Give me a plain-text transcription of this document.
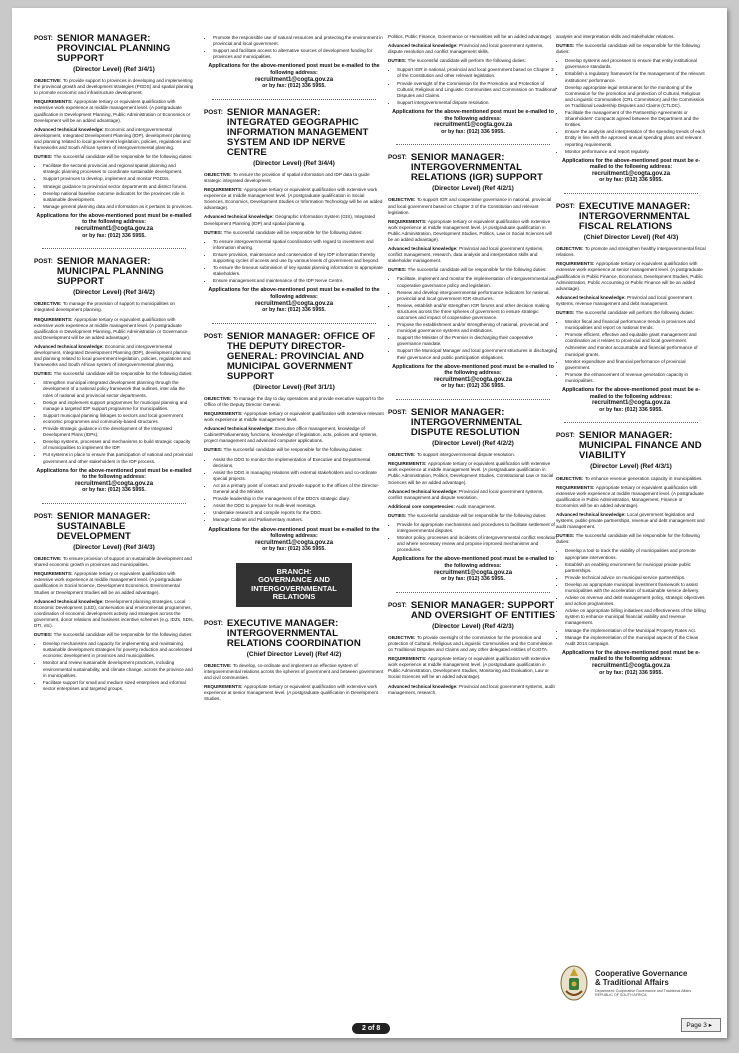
POST: SENIOR MANAGER: PROVINCIAL PLANNING SUPPORT
(Director Level) (Ref 3/4/1)
OBJECTIVE: To provide support to provinces in developing and implementing the provincial growth and development strategies (PGDS) and spatial planning to promote economic and infrastructure development.
REQUIREMENTS: Appropriate tertiary or equivalent qualification with extensive work experience at middle management level. (A postgraduate qualification in Development Planning, Public Administration or Economics or Development will be an added advantage).
Advanced technical knowledge: Economic and intergovernmental development, Integrated Development Planning (IDP), development planning and planning related to local government legislation, policies, regulations and frameworks and South African system of intergovernmental planning.
DUTIES: The successful candidate will be responsible for the following duties:
• Facilitate the sectoral provincial and regional spatial planning and strategic planning processes to coordinate sustainable development.
• Support provinces to develop, implement and monitor PGDSs.
• Strategic guidance to provincial sector departments and district forums.
• Develop national baseline outcome indicators for the provinces role in sustainable development.
• Manage general planning data and information as it pertains to provinces.
Applications for the above-mentioned post must be e-mailed to the following address:
recruitment1@cogta.gov.za
or by fax: (012) 336 5955.
POST: SENIOR MANAGER: MUNICIPAL PLANNING SUPPORT
(Director Level) (Ref 3/4/2)
OBJECTIVE: To manage the provision of support to municipalities on integrated development planning.
REQUIREMENTS: Appropriate tertiary or equivalent qualification with extensive work experience at middle management level. (A postgraduate qualification in Development Planning, Public Administration or Governance and Development will be an added advantage).
Advanced technical knowledge: Economic and intergovernmental development, Integrated Development Planning (IDP), development planning and planning related to local government legislation, policies, regulations and frameworks and South African system of intergovernmental planning.
DUTIES: The successful candidate will be responsible for the following duties:
• Strengthen municipal integrated development planning through the development of a national policy framework that outlines, inter alia the roles of national and provincial sector departments.
• Design and implement support programmes for municipal planning and manage a targeted IDP support programme for municipalities.
• Support municipal planning linkages to sectors and local government economic programmes and community-based structures.
• Provide strategic guidance in the development of the Integrated Development Plans (IDPs).
• Develop systems, processes and mechanisms to build strategic capacity of municipalities to implement the IDP.
• Put systems in place to ensure that participation of national and provincial government and other stakeholders in the IDP process.
Applications for the above-mentioned post must be e-mailed to the following address:
recruitment1@cogta.gov.za
or by fax: (012) 336 5955.
POST: SENIOR MANAGER: SUSTAINABLE DEVELOPMENT
(Director Level) (Ref 3/4/3)
OBJECTIVE: To ensure provision of support on sustainable development and shared economic growth in provinces and municipalities.
REQUIREMENTS: Appropriate tertiary or equivalent qualification with extensive work experience at middle management level. (A postgraduate qualification in Social Science, Development Economics, Environmental Studies or Development Studies will be an added advantage).
Advanced technical knowledge: Development planning strategies, Local Economic Development (LED), conservation and environmental programmes, coordination of economic development activity and strategies across the government, donor relations and business incentive schemes (e.g. IDZs, SDIs, DTI, etc).
DUTIES: The successful candidate will be responsible for the following duties:
• Develop mechanisms and capacity for implementing and maintaining sustainable development strategies for poverty reduction and accelerated economic development in provinces and municipalities.
• Monitor and review sustainable development practices, including environmental sustainability, and climate change, across the province and in municipalities.
• Facilitate support for small and medium sized enterprises and informal sector enterprises and targeted groups.
• Promote the responsible use of natural resources and protecting the environment in provincial and local government.
• Support and facilitate access to alternative sources of development funding for provinces and municipalities.
Applications for the above-mentioned post must be e-mailed to the following address:
recruitment1@cogta.gov.za
or by fax: (012) 336 5955.
POST: SENIOR MANAGER: INTEGRATED GEOGRAPHIC INFORMATION MANAGEMENT SYSTEM AND IDP NERVE CENTRE
(Director Level) (Ref 3/4/4)
OBJECTIVE: To ensure the provision of spatial information and IDP data to guide strategic integrated development.
REQUIREMENTS: Appropriate tertiary or equivalent qualification with extensive work experience at middle management level. (A postgraduate qualification in Social Sciences, Economics, Development Studies or Information Technology will be an added advantage).
Advanced technical knowledge: Geographic Information System (GIS), Integrated Development Planning (IDP) and spatial planning.
DUTIES: The successful candidate will be responsible for the following duties:
• To ensure intergovernmental spatial coordination with regard to investment and information sharing.
• Ensure provision, maintenance and conservation of key IDP information thereby supporting cycles of access and use by various levels of government and beyond.
• To ensure the timeous submission of key spatial planning information to appropriate stakeholders.
• Ensure management and maintenance of the IDP Nerve Centre.
Applications for the above-mentioned post must be e-mailed to the following address:
recruitment1@cogta.gov.za
or by fax: (012) 336 5955.
POST: SENIOR MANAGER: OFFICE OF THE DEPUTY DIRECTOR-GENERAL: PROVINCIAL AND MUNICIPAL GOVERNMENT SUPPORT
(Director Level) (Ref 3/1/1)
OBJECTIVE: To manage the day to day operations and provide executive support to the Office of the Deputy Director General.
REQUIREMENTS: Appropriate tertiary or equivalent qualification with extensive relevant work experience at middle management level.
Advanced technical knowledge: Executive office management, knowledge of Cabinet/Parliamentary functions, knowledge of legislation, acts, policies and systems, project management and advanced computer applications.
DUTIES: The successful candidate will be responsible for the following duties:
• Assist the DDG to monitor the implementation of Executive and Departmental decisions.
• Assist the DDG in managing relations with external stakeholders and co-ordinate special projects.
• Act as a primary point of contact and provide support to the offices of the Director-General and the Minister.
• Provide leadership in the management of the DDG's strategic diary.
• Assist the DDG to prepare for multi-level meetings.
• Undertake research and compile reports for the DDG.
• Manage Cabinet and Parliamentary matters.
Applications for the above-mentioned post must be e-mailed to the following address:
recruitment1@cogta.gov.za
or by fax: (012) 336 5955.
BRANCH:
GOVERNANCE AND
INTERGOVERNMENTAL
RELATIONS
POST: EXECUTIVE MANAGER: INTERGOVERNMENTAL RELATIONS COORDINATION
(Chief Director Level) (Ref 4/2)
OBJECTIVE: To develop, co-ordinate and implement an effective system of intergovernmental relations across the spheres of government and between government and civil communities.
REQUIREMENTS: Appropriate tertiary or equivalent qualification with extensive work experience at senior management level. (A postgraduate qualification in Development Studies,
Politics, Public Finance, Governance or Humanities will be an added advantage).
Advanced technical knowledge: Provincial and local government systems, dispute resolution and conflict management skills.
DUTIES: The successful candidate will perform the following duties:
• Support IGR in national, provincial and local government based on Chapter 3 of the Constitution and other relevant legislation.
• Provide oversight of the Commission for the Promotion and Protection of Cultural, Religious and Linguistic Communities and Commission on Traditional Disputes and Claims.
• Support intergovernmental dispute resolution.
Applications for the above-mentioned post must be e-mailed to the following address:
recruitment1@cogta.gov.za
or by fax: (012) 336 5955.
POST: SENIOR MANAGER: INTERGOVERNMENTAL RELATIONS (IGR) SUPPORT
(Director Level) (Ref 4/2/1)
OBJECTIVE: To support IGR and cooperative governance in national, provincial and local government based on Chapter 3 of the Constitution and relevant legislation.
REQUIREMENTS: Appropriate tertiary or equivalent qualification with extensive work experience at middle management level. (A postgraduate qualification in Public Administration, Development Studies, Politics, Law or Social Sciences will be an added advantage).
Advanced technical knowledge: Provincial and local government systems, conflict management, research, data analysis and interpretation skills and stakeholder management.
DUTIES: The successful candidate will be responsible for the following duties:
• Facilitate, implement and monitor the implementation of intergovernmental and cooperative governance policy and legislation.
• Review and develop intergovernmental performance indicators for national, provincial and local government IGR structures.
• Review, establish and/or strengthen IGR forums and other decision making structures across the three spheres of government to ensure strategic outcomes and impact of cooperative governance.
• Propose the establishment and/or strengthening of national, provincial and municipal governance systems and institutions.
• Support the Minister of the Premier in discharging their cooperative governance mandate.
• Support the Municipal Manager and local government structures in discharging their governance and public participation obligations.
Applications for the above-mentioned post must be e-mailed to the following address:
recruitment1@cogta.gov.za
or by fax: (012) 336 5955.
POST: SENIOR MANAGER: INTERGOVERNMENTAL DISPUTE RESOLUTION
(Director Level) (Ref 4/2/2)
OBJECTIVE: To support intergovernmental dispute resolution.
REQUIREMENTS: Appropriate tertiary or equivalent qualification with extensive work experience at middle management level. (A postgraduate qualification in Public Administration, Politics, Development Studies, Constitutional Law or Social Sciences will be an added advantage).
Advanced technical knowledge: Provincial and local government systems, conflict management and dispute resolution.
Additional core competencies: Audit management.
DUTIES: The successful candidate will be responsible for the following duties:
• Provide for appropriate mechanisms and procedures to facilitate settlement of intergovernmental disputes.
• Monitor policy, processes and incidents of intergovernmental conflict resolution and where necessary review and propose improved mechanisms and procedures.
Applications for the above-mentioned post must be e-mailed to the following address:
recruitment1@cogta.gov.za
or by fax: (012) 336 5955.
POST: SENIOR MANAGER: SUPPORT AND OVERSIGHT OF ENTITIES
(Director Level) (Ref 4/2/3)
OBJECTIVE: To provide oversight of the commission for the promotion and protection of Cultural, Religious and Linguistic Communities and the Commission on Traditional Disputes and Claims and any other delegated entities of CoGTA.
REQUIREMENTS: Appropriate tertiary or equivalent qualification with extensive work experience at middle management level. (A postgraduate qualification in Public Administration, Development Studies, Monitoring and Evaluation, Law or Social Sciences will be an added advantage).
Advanced technical knowledge: Provincial and local government systems, audit management, research,
analysis and interpretation skills and stakeholder relations.
DUTIES: The successful candidate will be responsible for the following duties:
• Develop systems and processes to ensure that entity institutional governance standards.
• Establish a regulatory framework for the management of the relevant institutions' performance.
• Develop appropriate legal instruments for the monitoring of the Commission for the promotion and protection of Cultural, Religious and Linguistic Communities (CRL Commission) and the Commission on Traditional Leadership Disputes and Claims (CTLDC).
• Facilitate the management of the Partnership Agreements or Shareholders' Compacts agreed between the Department and the Entities.
• Ensure the analysis and interpretation of the spending trends of each Entity in line with the approved annual spending plans and relevant reporting requirements.
• Monitor performance and report regularly.
Applications for the above-mentioned post must be e-mailed to the following address:
recruitment1@cogta.gov.za
or by fax: (012) 336 5955.
POST: EXECUTIVE MANAGER: INTERGOVERNMENTAL FISCAL RELATIONS
(Chief Director Level) (Ref 4/3)
OBJECTIVE: To promote and strengthen healthy intergovernmental fiscal relations.
REQUIREMENTS: Appropriate tertiary or equivalent qualification with extensive work experience at senior management level. (A postgraduate qualification in Public Finance, Economics, Development Studies, Public Administration, Public Accounting or Public Finance will be an added advantage).
Advanced technical knowledge: Provincial and local government systems, revenue management and debt management.
DUTIES: The successful candidate will perform the following duties:
• Monitor fiscal and financial performance trends in provinces and municipalities and report on national trends.
• Promote efficient, effective and equitable grant management and coordination as it relates to provincial and local government.
• Administer and monitor accountable and financial performance of municipal grants.
• Monitor expenditure and financial performance of provincial government.
• Promote the enhancement of revenue generation capacity in municipalities.
Applications for the above-mentioned post must be e-mailed to the following address:
recruitment1@cogta.gov.za
or by fax: (012) 336 5955.
POST: SENIOR MANAGER: MUNICIPAL FINANCE AND VIABILITY
(Director Level) (Ref 4/3/1)
OBJECTIVE: To enhance revenue generation capacity in municipalities.
REQUIREMENTS: Appropriate tertiary or equivalent qualification with extensive work experience at middle management level. (A postgraduate qualification in Public Administration, Management, Finance or Economics will be an added advantage).
Advanced technical knowledge: Local government legislation and systems, public-private partnerships, revenue and debt management and audit management.
DUTIES: The successful candidate will be responsible for the following duties:
• Develop a tool to track the viability of municipalities and promote appropriate interventions.
• Establish an enabling environment for municipal private public partnerships.
• Provide technical advice on municipal service partnerships.
• Develop an appropriate municipal investment framework to assist municipalities with the acceleration of sustainable service delivery.
• Advise on revenue and debt management policy, strategic objectives and action programmes.
• Advise on appropriate billing initiatives and effectiveness of the billing system to enhance municipal financial viability and revenue management.
• Manage the implementation of the Municipal Property Rates Act.
• Manage the implementation of the municipal aspects of the Clean Audit 2014 campaign.
Applications for the above-mentioned post must be e-mailed to the following address:
recruitment1@cogta.gov.za
or by fax: (012) 336 5955.
Cooperative Governance
& Traditional Affairs
Department: Cooperative Governance and Traditional Affairs
REPUBLIC OF SOUTH AFRICA
2 of 8	Page 3 ▸
